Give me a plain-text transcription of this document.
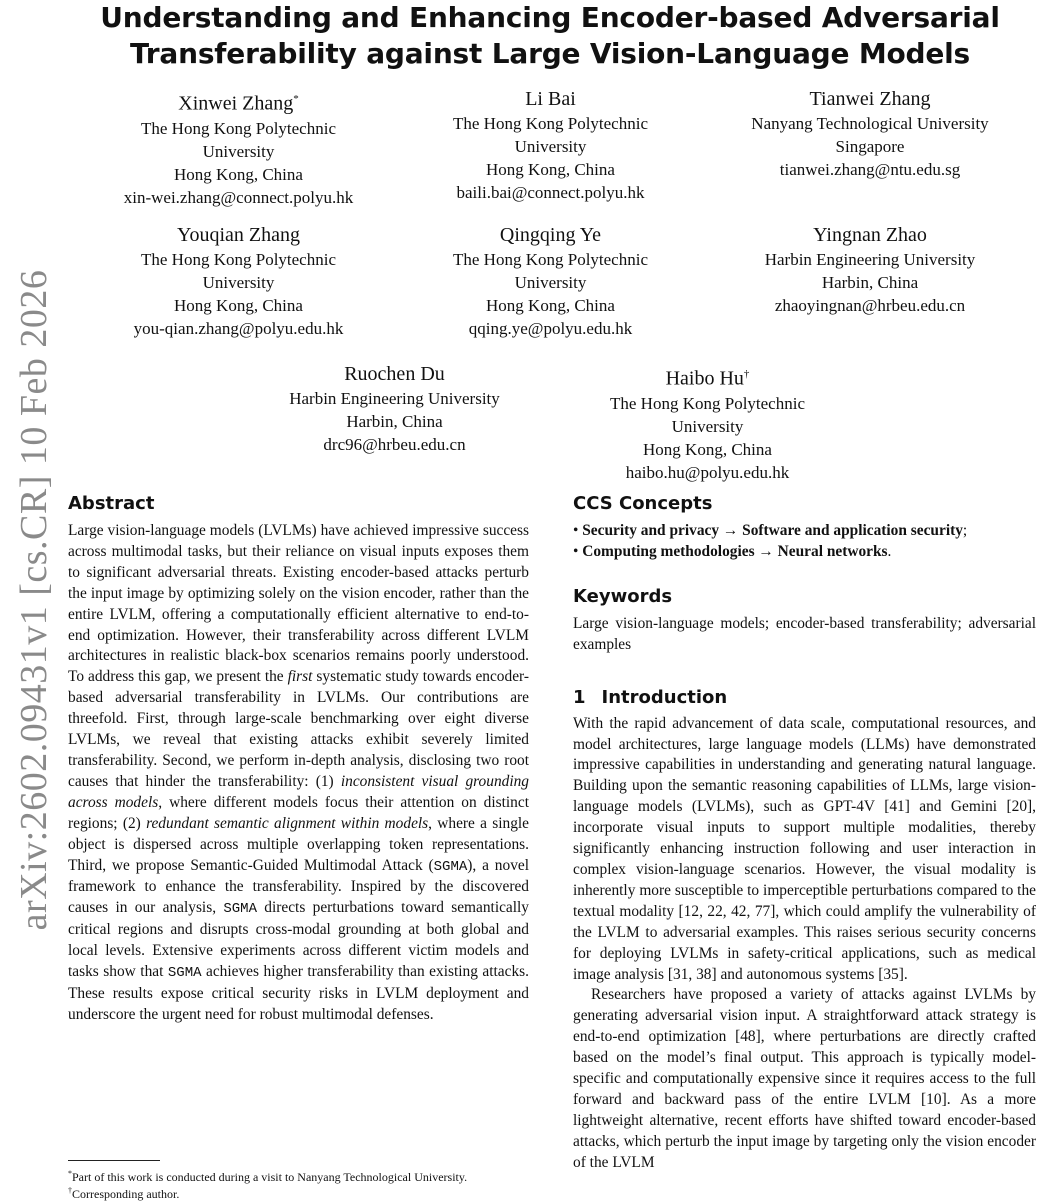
Understanding and Enhancing Encoder-based Adversarial
Transferability against Large Vision-Language Models
arXiv:2602.09431v1 [cs.CR] 10 Feb 2026
Xinwei Zhang*
The Hong Kong Polytechnic
University
Hong Kong, China
xin-wei.zhang@connect.polyu.hk
Li Bai
The Hong Kong Polytechnic
University
Hong Kong, China
baili.bai@connect.polyu.hk
Tianwei Zhang
Nanyang Technological University
Singapore
tianwei.zhang@ntu.edu.sg
Youqian Zhang
The Hong Kong Polytechnic
University
Hong Kong, China
you-qian.zhang@polyu.edu.hk
Qingqing Ye
The Hong Kong Polytechnic
University
Hong Kong, China
qqing.ye@polyu.edu.hk
Yingnan Zhao
Harbin Engineering University
Harbin, China
zhaoyingnan@hrbeu.edu.cn
Ruochen Du
Harbin Engineering University
Harbin, China
drc96@hrbeu.edu.cn
Haibo Hu†
The Hong Kong Polytechnic
University
Hong Kong, China
haibo.hu@polyu.edu.hk
Abstract

Large vision-language models (LVLMs) have achieved impressive success across multimodal tasks, but their reliance on visual inputs exposes them to significant adversarial threats. Existing encoder-based attacks perturb the input image by optimizing solely on the vision encoder, rather than the entire LVLM, offering a computationally efficient alternative to end-to-end optimization. However, their transferability across different LVLM architectures in realistic black-box scenarios remains poorly understood. To address this gap, we present the first systematic study towards encoder-based adversarial transferability in LVLMs. Our contributions are threefold. First, through large-scale benchmarking over eight diverse LVLMs, we reveal that existing attacks exhibit severely limited transferability. Second, we perform in-depth analysis, disclosing two root causes that hinder the transferability: (1) inconsistent visual grounding across models, where different models focus their attention on distinct regions; (2) redundant semantic alignment within models, where a single object is dispersed across multiple overlapping token representations. Third, we propose Semantic-Guided Multimodal Attack (SGMA), a novel framework to enhance the transferability. Inspired by the discovered causes in our analysis, SGMA directs perturbations toward semantically critical regions and disrupts cross-modal grounding at both global and local levels. Extensive experiments across different victim models and tasks show that SGMA achieves higher transferability than existing attacks. These results expose critical security risks in LVLM deployment and underscore the urgent need for robust multimodal defenses.

CCS Concepts
• Security and privacy → Software and application security;
• Computing methodologies → Neural networks.
Keywords

Large vision-language models; encoder-based transferability; adversarial examples

1 Introduction

With the rapid advancement of data scale, computational resources, and model architectures, large language models (LLMs) have demonstrated impressive capabilities in understanding and generating natural language. Building upon the semantic reasoning capabilities of LLMs, large vision-language models (LVLMs), such as GPT-4V [41] and Gemini [20], incorporate visual inputs to support multiple modalities, thereby significantly enhancing instruction following and user interaction in complex vision-language scenarios. However, the visual modality is inherently more susceptible to imperceptible perturbations compared to the textual modality [12, 22, 42, 77], which could amplify the vulnerability of the LVLM to adversarial examples. This raises serious security concerns for deploying LVLMs in safety-critical applications, such as medical image analysis [31, 38] and autonomous systems [35].

Researchers have proposed a variety of attacks against LVLMs by generating adversarial vision input. A straightforward attack strategy is end-to-end optimization [48], where perturbations are directly crafted based on the model’s final output. This approach is typically model-specific and computationally expensive since it requires access to the full forward and backward pass of the entire LVLM [10]. As a more lightweight alternative, recent efforts have shifted toward encoder-based attacks, which perturb the input image by targeting only the vision encoder of the LVLM

*Part of this work is conducted during a visit to Nanyang Technological University.
†Corresponding author.
